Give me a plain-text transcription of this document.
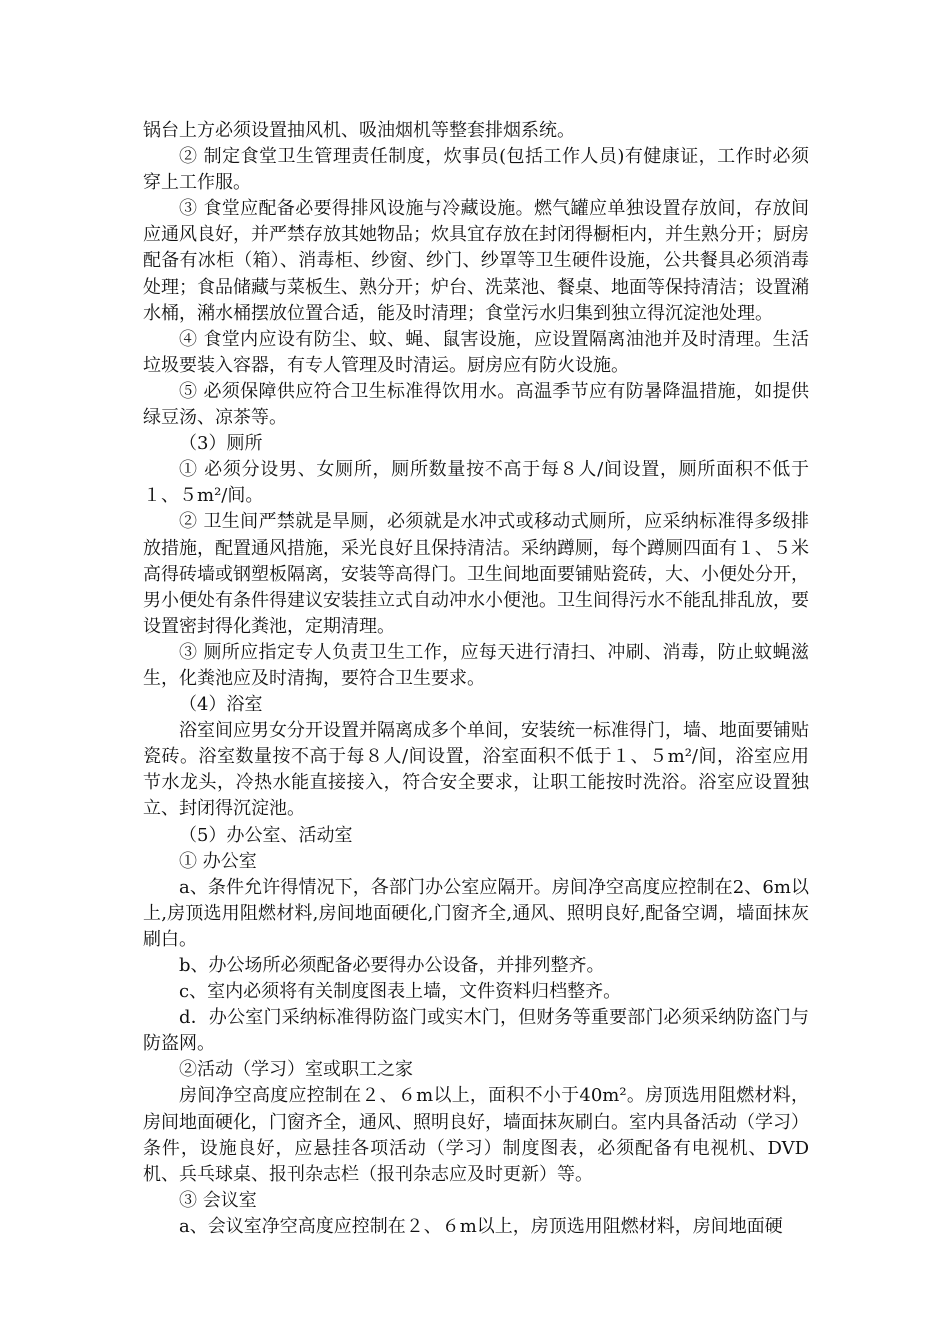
锅台上方必须设置抽风机、吸油烟机等整套排烟系统。

② 制定食堂卫生管理责任制度，炊事员(包括工作人员)有健康证，工作时必须穿上工作服。

③ 食堂应配备必要得排风设施与冷藏设施。燃气罐应单独设置存放间，存放间应通风良好，并严禁存放其她物品；炊具宜存放在封闭得橱柜内，并生熟分开；厨房配备有冰柜（箱）、消毒柜、纱窗、纱门、纱罩等卫生硬件设施，公共餐具必须消毒处理；食品储藏与菜板生、熟分开；炉台、洗菜池、餐桌、地面等保持清洁；设置潲水桶，潲水桶摆放位置合适，能及时清理；食堂污水归集到独立得沉淀池处理。

④ 食堂内应设有防尘、蚊、蝇、鼠害设施，应设置隔离油池并及时清理。生活垃圾要装入容器，有专人管理及时清运。厨房应有防火设施。

⑤ 必须保障供应符合卫生标准得饮用水。高温季节应有防暑降温措施，如提供绿豆汤、凉茶等。

（3）厕所

① 必须分设男、女厕所，厕所数量按不高于每８人/间设置，厕所面积不低于１、５m²/间。

② 卫生间严禁就是旱厕，必须就是水冲式或移动式厕所，应采纳标准得多级排放措施，配置通风措施，采光良好且保持清洁。采纳蹲厕，每个蹲厕四面有１、５米高得砖墙或钢塑板隔离，安装等高得门。卫生间地面要铺贴瓷砖，大、小便处分开，男小便处有条件得建议安装挂立式自动冲水小便池。卫生间得污水不能乱排乱放，要设置密封得化粪池，定期清理。

③ 厕所应指定专人负责卫生工作，应每天进行清扫、冲刷、消毒，防止蚊蝇滋生，化粪池应及时清掏，要符合卫生要求。

（4）浴室

浴室间应男女分开设置并隔离成多个单间，安装统一标准得门，墙、地面要铺贴瓷砖。浴室数量按不高于每８人/间设置，浴室面积不低于１、５m²/间，浴室应用节水龙头，冷热水能直接接入，符合安全要求，让职工能按时洗浴。浴室应设置独立、封闭得沉淀池。

（5）办公室、活动室

① 办公室

a、条件允许得情况下，各部门办公室应隔开。房间净空高度应控制在2、6m以上,房顶选用阻燃材料,房间地面硬化,门窗齐全,通风、照明良好,配备空调，墙面抹灰刷白。

b、办公场所必须配备必要得办公设备，并排列整齐。

c、室内必须将有关制度图表上墙，文件资料归档整齐。

d．办公室门采纳标准得防盗门或实木门，但财务等重要部门必须采纳防盗门与防盗网。

②活动（学习）室或职工之家

房间净空高度应控制在２、６m以上，面积不小于40m²。房顶选用阻燃材料，房间地面硬化，门窗齐全，通风、照明良好，墙面抹灰刷白。室内具备活动（学习）条件，设施良好，应悬挂各项活动（学习）制度图表，必须配备有电视机、DVD机、兵乓球桌、报刊杂志栏（报刊杂志应及时更新）等。

③ 会议室

a、会议室净空高度应控制在２、６m以上，房顶选用阻燃材料，房间地面硬
